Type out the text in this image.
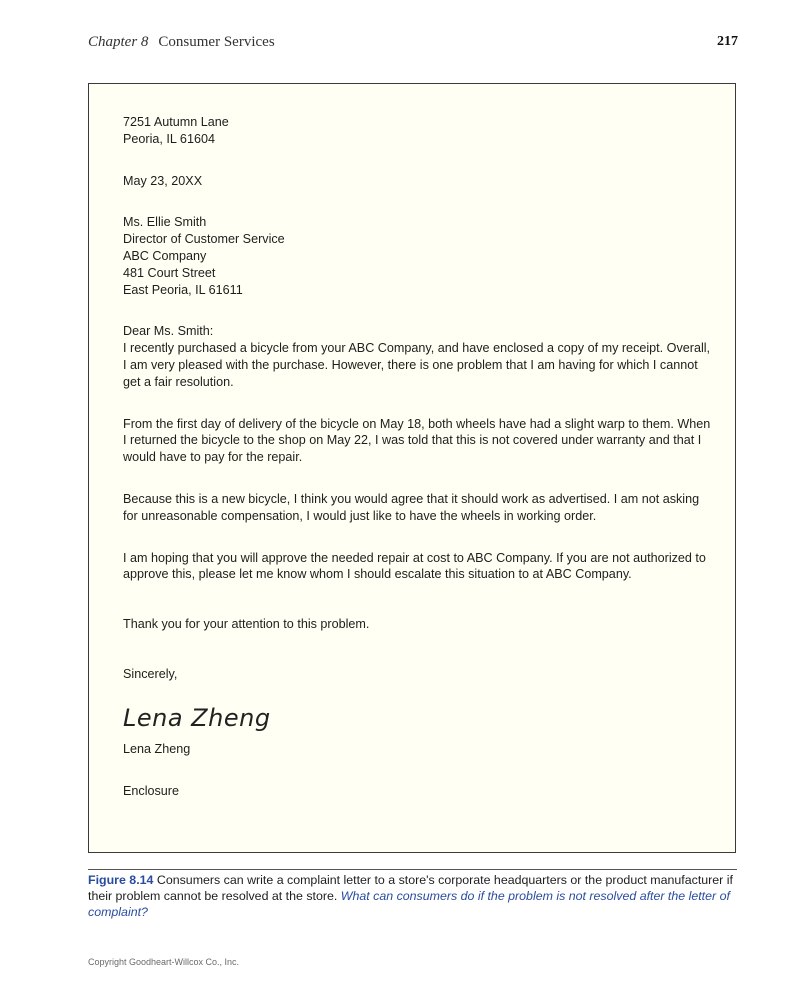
Chapter 8 Consumer Services	217

7251 Autumn Lane

Peoria, IL 61604

May 23, 20XX

Ms. Ellie Smith

Director of Customer Service

ABC Company

481 Court Street

East Peoria, IL 61611

Dear Ms. Smith:

I recently purchased a bicycle from your ABC Company, and have enclosed a copy of my receipt. Overall, I am very pleased with the purchase. However, there is one problem that I am having for which I cannot get a fair resolution.

From the first day of delivery of the bicycle on May 18, both wheels have had a slight warp to them. When I returned the bicycle to the shop on May 22, I was told that this is not covered under warranty and that I would have to pay for the repair.

Because this is a new bicycle, I think you would agree that it should work as advertised. I am not asking for unreasonable compensation, I would just like to have the wheels in working order.

I am hoping that you will approve the needed repair at cost to ABC Company. If you are not authorized to approve this, please let me know whom I should escalate this situation to at ABC Company.

Thank you for your attention to this problem.

Sincerely,

Lena Zheng

Lena Zheng

Enclosure

Figure 8.14 Consumers can write a complaint letter to a store's corporate headquarters or the product manufacturer if their problem cannot be resolved at the store. What can consumers do if the problem is not resolved after the letter of complaint?
Copyright Goodheart-Willcox Co., Inc.
